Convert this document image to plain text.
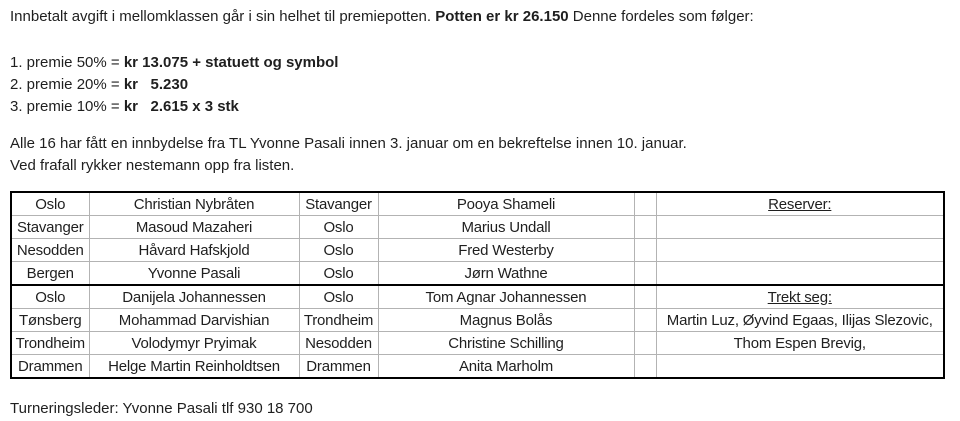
Innbetalt avgift i mellomklassen går i sin helhet til premiepotten. Potten er kr 26.150 Denne fordeles som følger:

1. premie 50% = kr 13.075 + statuett og symbol
2. premie 20% = kr   5.230
3. premie 10% = kr   2.615 x 3 stk
Alle 16 har fått en innbydelse fra TL Yvonne Pasali innen 3. januar om en bekreftelse innen 10. januar.
Ved frafall rykker nestemann opp fra listen.
Oslo	Christian Nybråten	Stavanger	Pooya Shameli		Reserver:
Stavanger	Masoud Mazaheri	Oslo	Marius Undall		
Nesodden	Håvard Hafskjold	Oslo	Fred Westerby		
Bergen	Yvonne Pasali	Oslo	Jørn Wathne		
Oslo	Danijela Johannessen	Oslo	Tom Agnar Johannessen		Trekt seg:
Tønsberg	Mohammad Darvishian	Trondheim	Magnus Bolås		Martin Luz, Øyvind Egaas, Ilijas Slezovic,
Trondheim	Volodymyr Pryimak	Nesodden	Christine Schilling		Thom Espen Brevig,
Drammen	Helge Martin Reinholdtsen	Drammen	Anita Marholm		
Turneringsleder: Yvonne Pasali tlf 930 18 700
